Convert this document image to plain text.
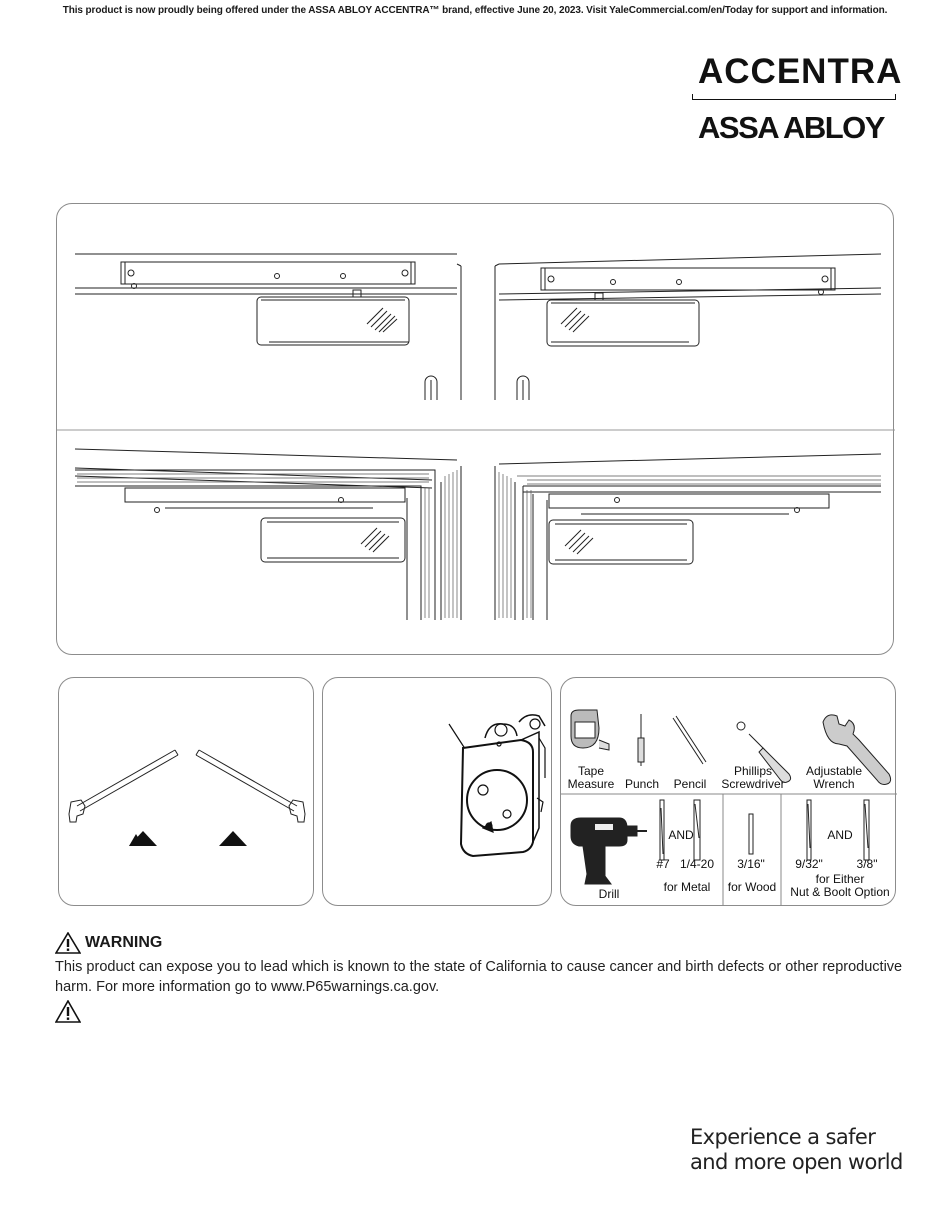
This product is now proudly being offered under the ASSA ABLOY ACCENTRA™ brand, effective June 20, 2023. Visit YaleCommercial.com/en/Today for support and information.
ACCENTRA
ASSA ABLOY
Tape
Measure Punch	Pencil
Phillips
Screwdriver
Adjustable
Wrench
Drill
AND
#7 1/4-20
for Metal
3/16"
for Wood
AND
9/32"	3/8"
for Either
Nut & Boolt Option
WARNING
This product can expose you to lead which is known to the state of California to cause cancer and birth defects or other reproductive harm. For more information go to www.P65warnings.ca.gov.
Experience a safer
and more open world
